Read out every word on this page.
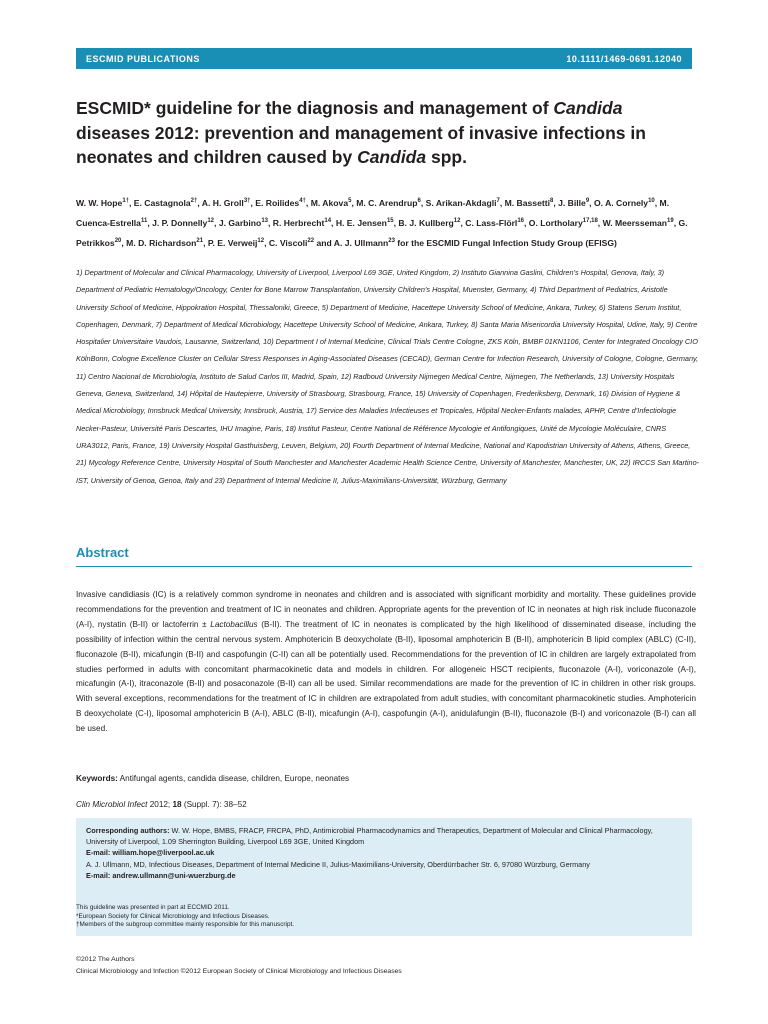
ESCMID PUBLICATIONS	10.1111/1469-0691.12040
ESCMID* guideline for the diagnosis and management of Candida diseases 2012: prevention and management of invasive infections in neonates and children caused by Candida spp.
W. W. Hope$^{1\dagger}$, E. Castagnola$^{2\dagger}$, A. H. Groll$^{3\dagger}$, E. Roilides$^{4\dagger}$, M. Akova$^5$, M. C. Arendrup$^6$, S. Arikan-Akdagli$^7$, M. Bassetti$^8$, J. Bille$^9$, O. A. Cornely$^{10}$, M. Cuenca-Estrella$^{11}$, J. P. Donnelly$^{12}$, J. Garbino$^{13}$, R. Herbrecht$^{14}$, H. E. Jensen$^{15}$, B. J. Kullberg$^{12}$, C. Lass-Flörl$^{16}$, O. Lortholary$^{17,18}$, W. Meersseman$^{19}$, G. Petrikkos$^{20}$, M. D. Richardson$^{21}$, P. E. Verweij$^{12}$, C. Viscoli$^{22}$ and A. J. Ullmann$^{23}$ for the ESCMID Fungal Infection Study Group (EFISG)
1) Department of Molecular and Clinical Pharmacology, University of Liverpool, Liverpool L69 3GE, United Kingdom, 2) Instituto Giannina Gaslini, Children’s Hospital, Genova, Italy, 3) Department of Pediatric Hematology/Oncology, Center for Bone Marrow Transplantation, University Children’s Hospital, Muenster, Germany, 4) Third Department of Pediatrics, Aristotle University School of Medicine, Hippokration Hospital, Thessaloniki, Greece, 5) Department of Medicine, Hacettepe University School of Medicine, Ankara, Turkey, 6) Statens Serum Institut, Copenhagen, Denmark, 7) Department of Medical Microbiology, Hacettepe University School of Medicine, Ankara, Turkey, 8) Santa Maria Misericordia University Hospital, Udine, Italy, 9) Centre Hospitalier Universitaire Vaudois, Lausanne, Switzerland, 10) Department I of Internal Medicine, Clinical Trials Centre Cologne, ZKS Köln, BMBF 01KN1106, Center for Integrated Oncology CIO KölnBonn, Cologne Excellence Cluster on Cellular Stress Responses in Aging-Associated Diseases (CECAD), German Centre for Infection Research, University of Cologne, Cologne, Germany, 11) Centro Nacional de Microbiología, Instituto de Salud Carlos III, Madrid, Spain, 12) Radboud University Nijmegen Medical Centre, Nijmegen, The Netherlands, 13) University Hospitals Geneva, Geneva, Switzerland, 14) Hôpital de Hautepierre, University of Strasbourg, Strasbourg, France, 15) University of Copenhagen, Frederiksberg, Denmark, 16) Division of Hygiene & Medical Microbiology, Innsbruck Medical University, Innsbruck, Austria, 17) Service des Maladies Infectieuses et Tropicales, Hôpital Necker-Enfants malades, APHP, Centre d’Infectiologie Necker-Pasteur, Université Paris Descartes, IHU Imagine, Paris, 18) Institut Pasteur, Centre National de Référence Mycologie et Antifongiques, Unité de Mycologie Moléculaire, CNRS URA3012, Paris, France, 19) University Hospital Gasthuisberg, Leuven, Belgium, 20) Fourth Department of Internal Medicine, National and Kapodistrian University of Athens, Athens, Greece, 21) Mycology Reference Centre, University Hospital of South Manchester and Manchester Academic Health Science Centre, University of Manchester, Manchester, UK, 22) IRCCS San Martino-IST, University of Genoa, Genoa, Italy and 23) Department of Internal Medicine II, Julius-Maximilians-Universität, Würzburg, Germany
Abstract
Invasive candidiasis (IC) is a relatively common syndrome in neonates and children and is associated with significant morbidity and mortality. These guidelines provide recommendations for the prevention and treatment of IC in neonates and children. Appropriate agents for the prevention of IC in neonates at high risk include fluconazole (A-I), nystatin (B-II) or lactoferrin ± Lactobacillus (B-II). The treatment of IC in neonates is complicated by the high likelihood of disseminated disease, including the possibility of infection within the central nervous system. Amphotericin B deoxycholate (B-II), liposomal amphotericin B (B-II), amphotericin B lipid complex (ABLC) (C-II), fluconazole (B-II), micafungin (B-II) and caspofungin (C-II) can all be potentially used. Recommendations for the prevention of IC in children are largely extrapolated from studies performed in adults with concomitant pharmacokinetic data and models in children. For allogeneic HSCT recipients, fluconazole (A-I), voriconazole (A-I), micafungin (A-I), itraconazole (B-II) and posaconazole (B-II) can all be used. Similar recommendations are made for the prevention of IC in children in other risk groups. With several exceptions, recommendations for the treatment of IC in children are extrapolated from adult studies, with concomitant pharmacokinetic studies. Amphotericin B deoxycholate (C-I), liposomal amphotericin B (A-I), ABLC (B-II), micafungin (A-I), caspofungin (A-I), anidulafungin (B-II), fluconazole (B-I) and voriconazole (B-I) can all be used.
Keywords: Antifungal agents, candida disease, children, Europe, neonates
Clin Microbiol Infect 2012; 18 (Suppl. 7): 38–52
Corresponding authors: W. W. Hope, BMBS, FRACP, FRCPA, PhD, Antimicrobial Pharmacodynamics and Therapeutics, Department of Molecular and Clinical Pharmacology, University of Liverpool, 1.09 Sherrington Building, Liverpool L69 3GE, United Kingdom
E-mail: william.hope@liverpool.ac.uk
A. J. Ullmann, MD, Infectious Diseases, Department of Internal Medicine II, Julius-Maximilians-University, Oberdürrbacher Str. 6, 97080 Würzburg, Germany
E-mail: andrew.ullmann@uni-wuerzburg.de
This guideline was presented in part at ECCMID 2011.
*European Society for Clinical Microbiology and Infectious Diseases.
†Members of the subgroup committee mainly responsible for this manuscript.
©2012 The Authors
Clinical Microbiology and Infection ©2012 European Society of Clinical Microbiology and Infectious Diseases
